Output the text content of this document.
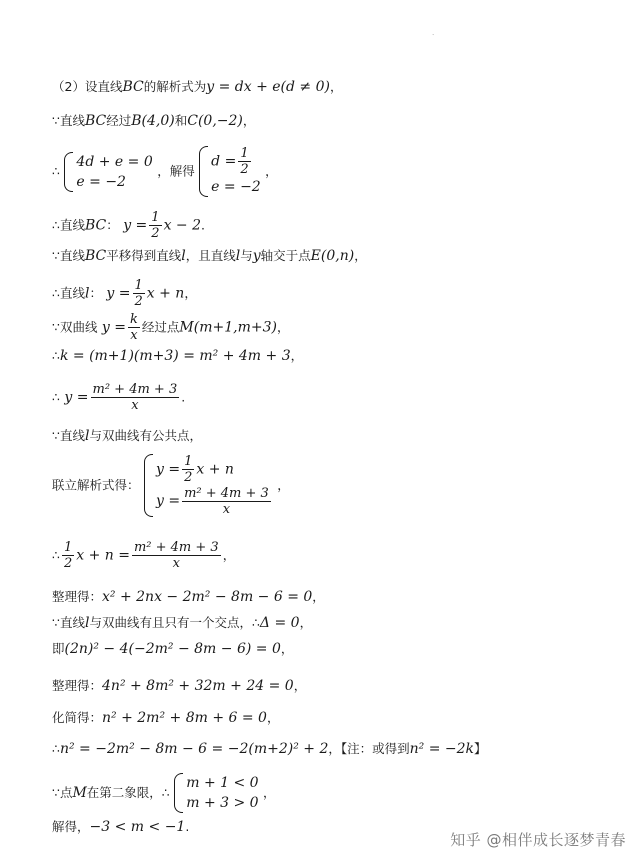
•
（2）设直线BC的解析式为y = dx + e(d ≠ 0)，
∵直线BC经过B(4,0)和C(0,−2)，
∴
4d + e = 0
e = −2
，解得
$d = \frac{1}{2}$
e = −2
，
∴直线BC： $y = \frac{1}{2}$ x − 2.
∵直线BC平移得到直线l，且直线l与y轴交于点E(0,n)，
∴直线l： $y = \frac{1}{2}$ x + n，
∵双曲线 $y = \frac{k}{x}$ 经过点M(m+1,m+3)，
∴k = (m+1)(m+3) = m² + 4m + 3，
∴ $y = \frac{\text{m² + 4m + 3}}{x}$ .
∵直线l与双曲线有公共点，
联立解析式得：
$y = \frac{1}{2}$ x + n
$y = \frac{\text{m² + 4m + 3}}{x}$
，
∴ $\frac{1}{2}$ $x + n = \frac{\text{m² + 4m + 3}}{x}$ ，
整理得：x² + 2nx − 2m² − 8m − 6 = 0，
∵直线l与双曲线有且只有一个交点，∴Δ = 0，
即(2n)² − 4(−2m² − 8m − 6) = 0，
整理得：4n² + 8m² + 32m + 24 = 0，
化简得：n² + 2m² + 8m + 6 = 0，
∴n² = −2m² − 8m − 6 = −2(m+2)² + 2，【注：或得到n² = −2k】
∵点M在第二象限，∴
m + 1 < 0
m + 3 > 0
，
解得，−3 < m < −1.
知乎 @相伴成长逐梦青春
